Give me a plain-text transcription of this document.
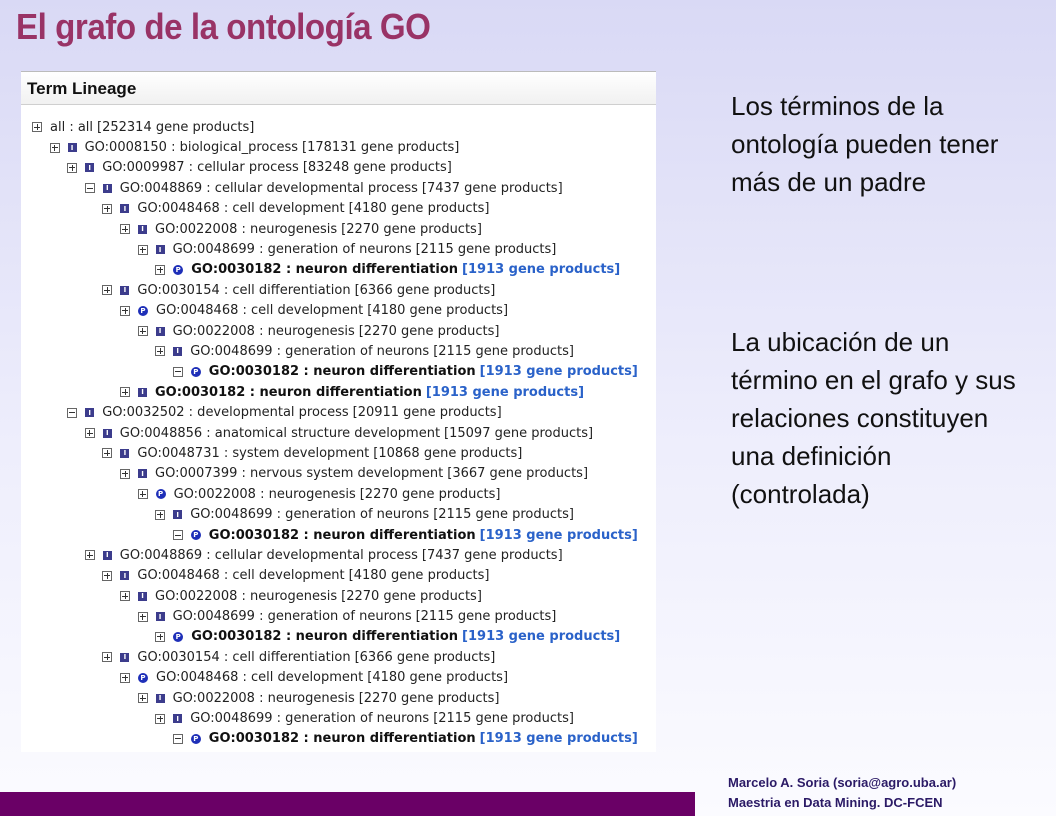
El grafo de la ontología GO
Term Lineage
all : all [252314 gene products]
I GO:0008150 : biological_process [178131 gene products]
I GO:0009987 : cellular process [83248 gene products]
I GO:0048869 : cellular developmental process [7437 gene products]
I GO:0048468 : cell development [4180 gene products]
I GO:0022008 : neurogenesis [2270 gene products]
I GO:0048699 : generation of neurons [2115 gene products]
P GO:0030182 : neuron differentiation [1913 gene products]
I GO:0030154 : cell differentiation [6366 gene products]
P GO:0048468 : cell development [4180 gene products]
I GO:0022008 : neurogenesis [2270 gene products]
I GO:0048699 : generation of neurons [2115 gene products]
P GO:0030182 : neuron differentiation [1913 gene products]
I GO:0030182 : neuron differentiation [1913 gene products]
I GO:0032502 : developmental process [20911 gene products]
I GO:0048856 : anatomical structure development [15097 gene products]
I GO:0048731 : system development [10868 gene products]
I GO:0007399 : nervous system development [3667 gene products]
P GO:0022008 : neurogenesis [2270 gene products]
I GO:0048699 : generation of neurons [2115 gene products]
P GO:0030182 : neuron differentiation [1913 gene products]
I GO:0048869 : cellular developmental process [7437 gene products]
I GO:0048468 : cell development [4180 gene products]
I GO:0022008 : neurogenesis [2270 gene products]
I GO:0048699 : generation of neurons [2115 gene products]
P GO:0030182 : neuron differentiation [1913 gene products]
I GO:0030154 : cell differentiation [6366 gene products]
P GO:0048468 : cell development [4180 gene products]
I GO:0022008 : neurogenesis [2270 gene products]
I GO:0048699 : generation of neurons [2115 gene products]
P GO:0030182 : neuron differentiation [1913 gene products]
Los términos de la ontología pueden tener más de un padre
La ubicación de un término en el grafo y sus relaciones constituyen una definición (controlada)
Marcelo A. Soria (soria@agro.uba.ar)
Maestria en Data Mining. DC-FCEN
